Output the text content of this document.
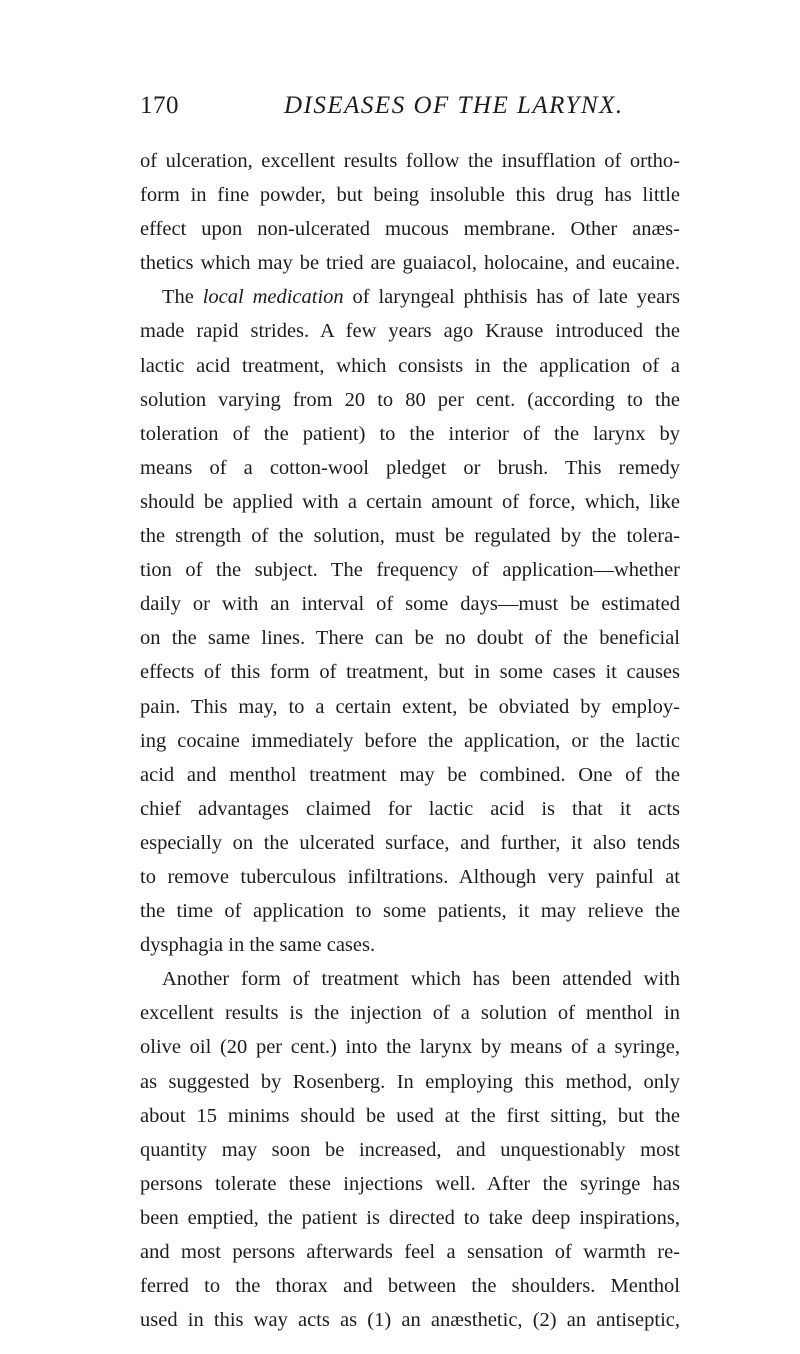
170	DISEASES OF THE LARYNX.
of ulceration, excellent results follow the insufflation of ortho-
form in fine powder, but being insoluble this drug has little
effect upon non-ulcerated mucous membrane. Other anæs-
thetics which may be tried are guaiacol, holocaine, and eucaine.
The local medication of laryngeal phthisis has of late years
made rapid strides. A few years ago Krause introduced the
lactic acid treatment, which consists in the application of a
solution varying from 20 to 80 per cent. (according to the
toleration of the patient) to the interior of the larynx by
means of a cotton-wool pledget or brush. This remedy
should be applied with a certain amount of force, which, like
the strength of the solution, must be regulated by the tolera-
tion of the subject. The frequency of application—whether
daily or with an interval of some days—must be estimated
on the same lines. There can be no doubt of the beneficial
effects of this form of treatment, but in some cases it causes
pain. This may, to a certain extent, be obviated by employ-
ing cocaine immediately before the application, or the lactic
acid and menthol treatment may be combined. One of the
chief advantages claimed for lactic acid is that it acts
especially on the ulcerated surface, and further, it also tends
to remove tuberculous infiltrations. Although very painful at
the time of application to some patients, it may relieve the
dysphagia in the same cases.
Another form of treatment which has been attended with
excellent results is the injection of a solution of menthol in
olive oil (20 per cent.) into the larynx by means of a syringe,
as suggested by Rosenberg. In employing this method, only
about 15 minims should be used at the first sitting, but the
quantity may soon be increased, and unquestionably most
persons tolerate these injections well. After the syringe has
been emptied, the patient is directed to take deep inspirations,
and most persons afterwards feel a sensation of warmth re-
ferred to the thorax and between the shoulders. Menthol
used in this way acts as (1) an anæsthetic, (2) an antiseptic,
